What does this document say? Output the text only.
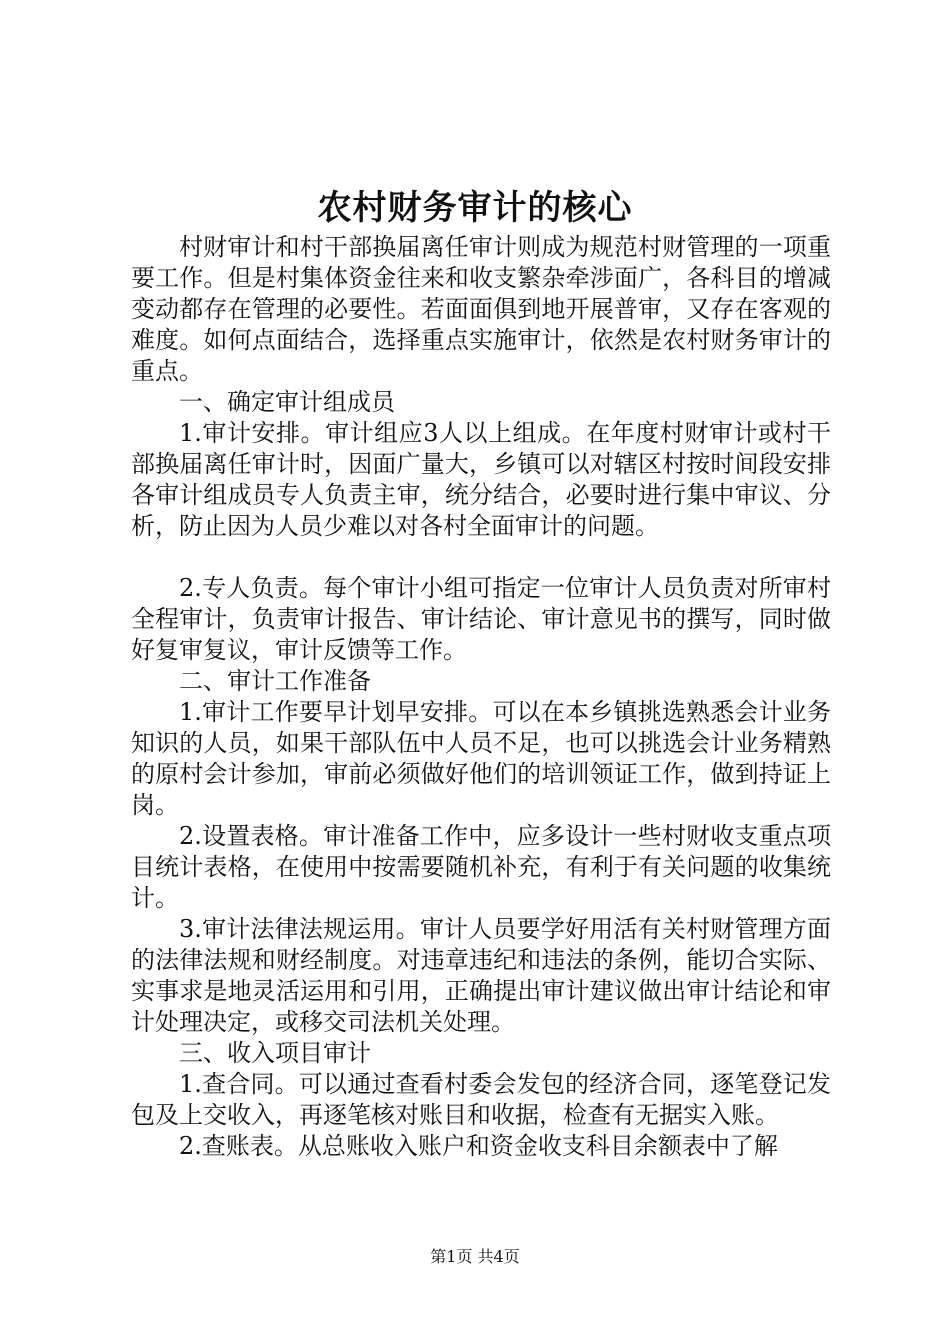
农村财务审计的核心

村财审计和村干部换届离任审计则成为规范村财管理的一项重要工作。但是村集体资金往来和收支繁杂牵涉面广，各科目的增减变动都存在管理的必要性。若面面俱到地开展普审，又存在客观的难度。如何点面结合，选择重点实施审计，依然是农村财务审计的重点。

一、确定审计组成员

1.审计安排。审计组应3人以上组成。在年度村财审计或村干部换届离任审计时，因面广量大，乡镇可以对辖区村按时间段安排各审计组成员专人负责主审，统分结合，必要时进行集中审议、分析，防止因为人员少难以对各村全面审计的问题。

2.专人负责。每个审计小组可指定一位审计人员负责对所审村全程审计，负责审计报告、审计结论、审计意见书的撰写，同时做好复审复议，审计反馈等工作。

二、审计工作准备

1.审计工作要早计划早安排。可以在本乡镇挑选熟悉会计业务知识的人员，如果干部队伍中人员不足，也可以挑选会计业务精熟的原村会计参加，审前必须做好他们的培训领证工作，做到持证上岗。

2.设置表格。审计准备工作中，应多设计一些村财收支重点项目统计表格，在使用中按需要随机补充，有利于有关问题的收集统计。

3.审计法律法规运用。审计人员要学好用活有关村财管理方面的法律法规和财经制度。对违章违纪和违法的条例，能切合实际、实事求是地灵活运用和引用，正确提出审计建议做出审计结论和审计处理决定，或移交司法机关处理。

三、收入项目审计

1.查合同。可以通过查看村委会发包的经济合同，逐笔登记发包及上交收入，再逐笔核对账目和收据，检查有无据实入账。

2.查账表。从总账收入账户和资金收支科目余额表中了解

第1页 共4页
